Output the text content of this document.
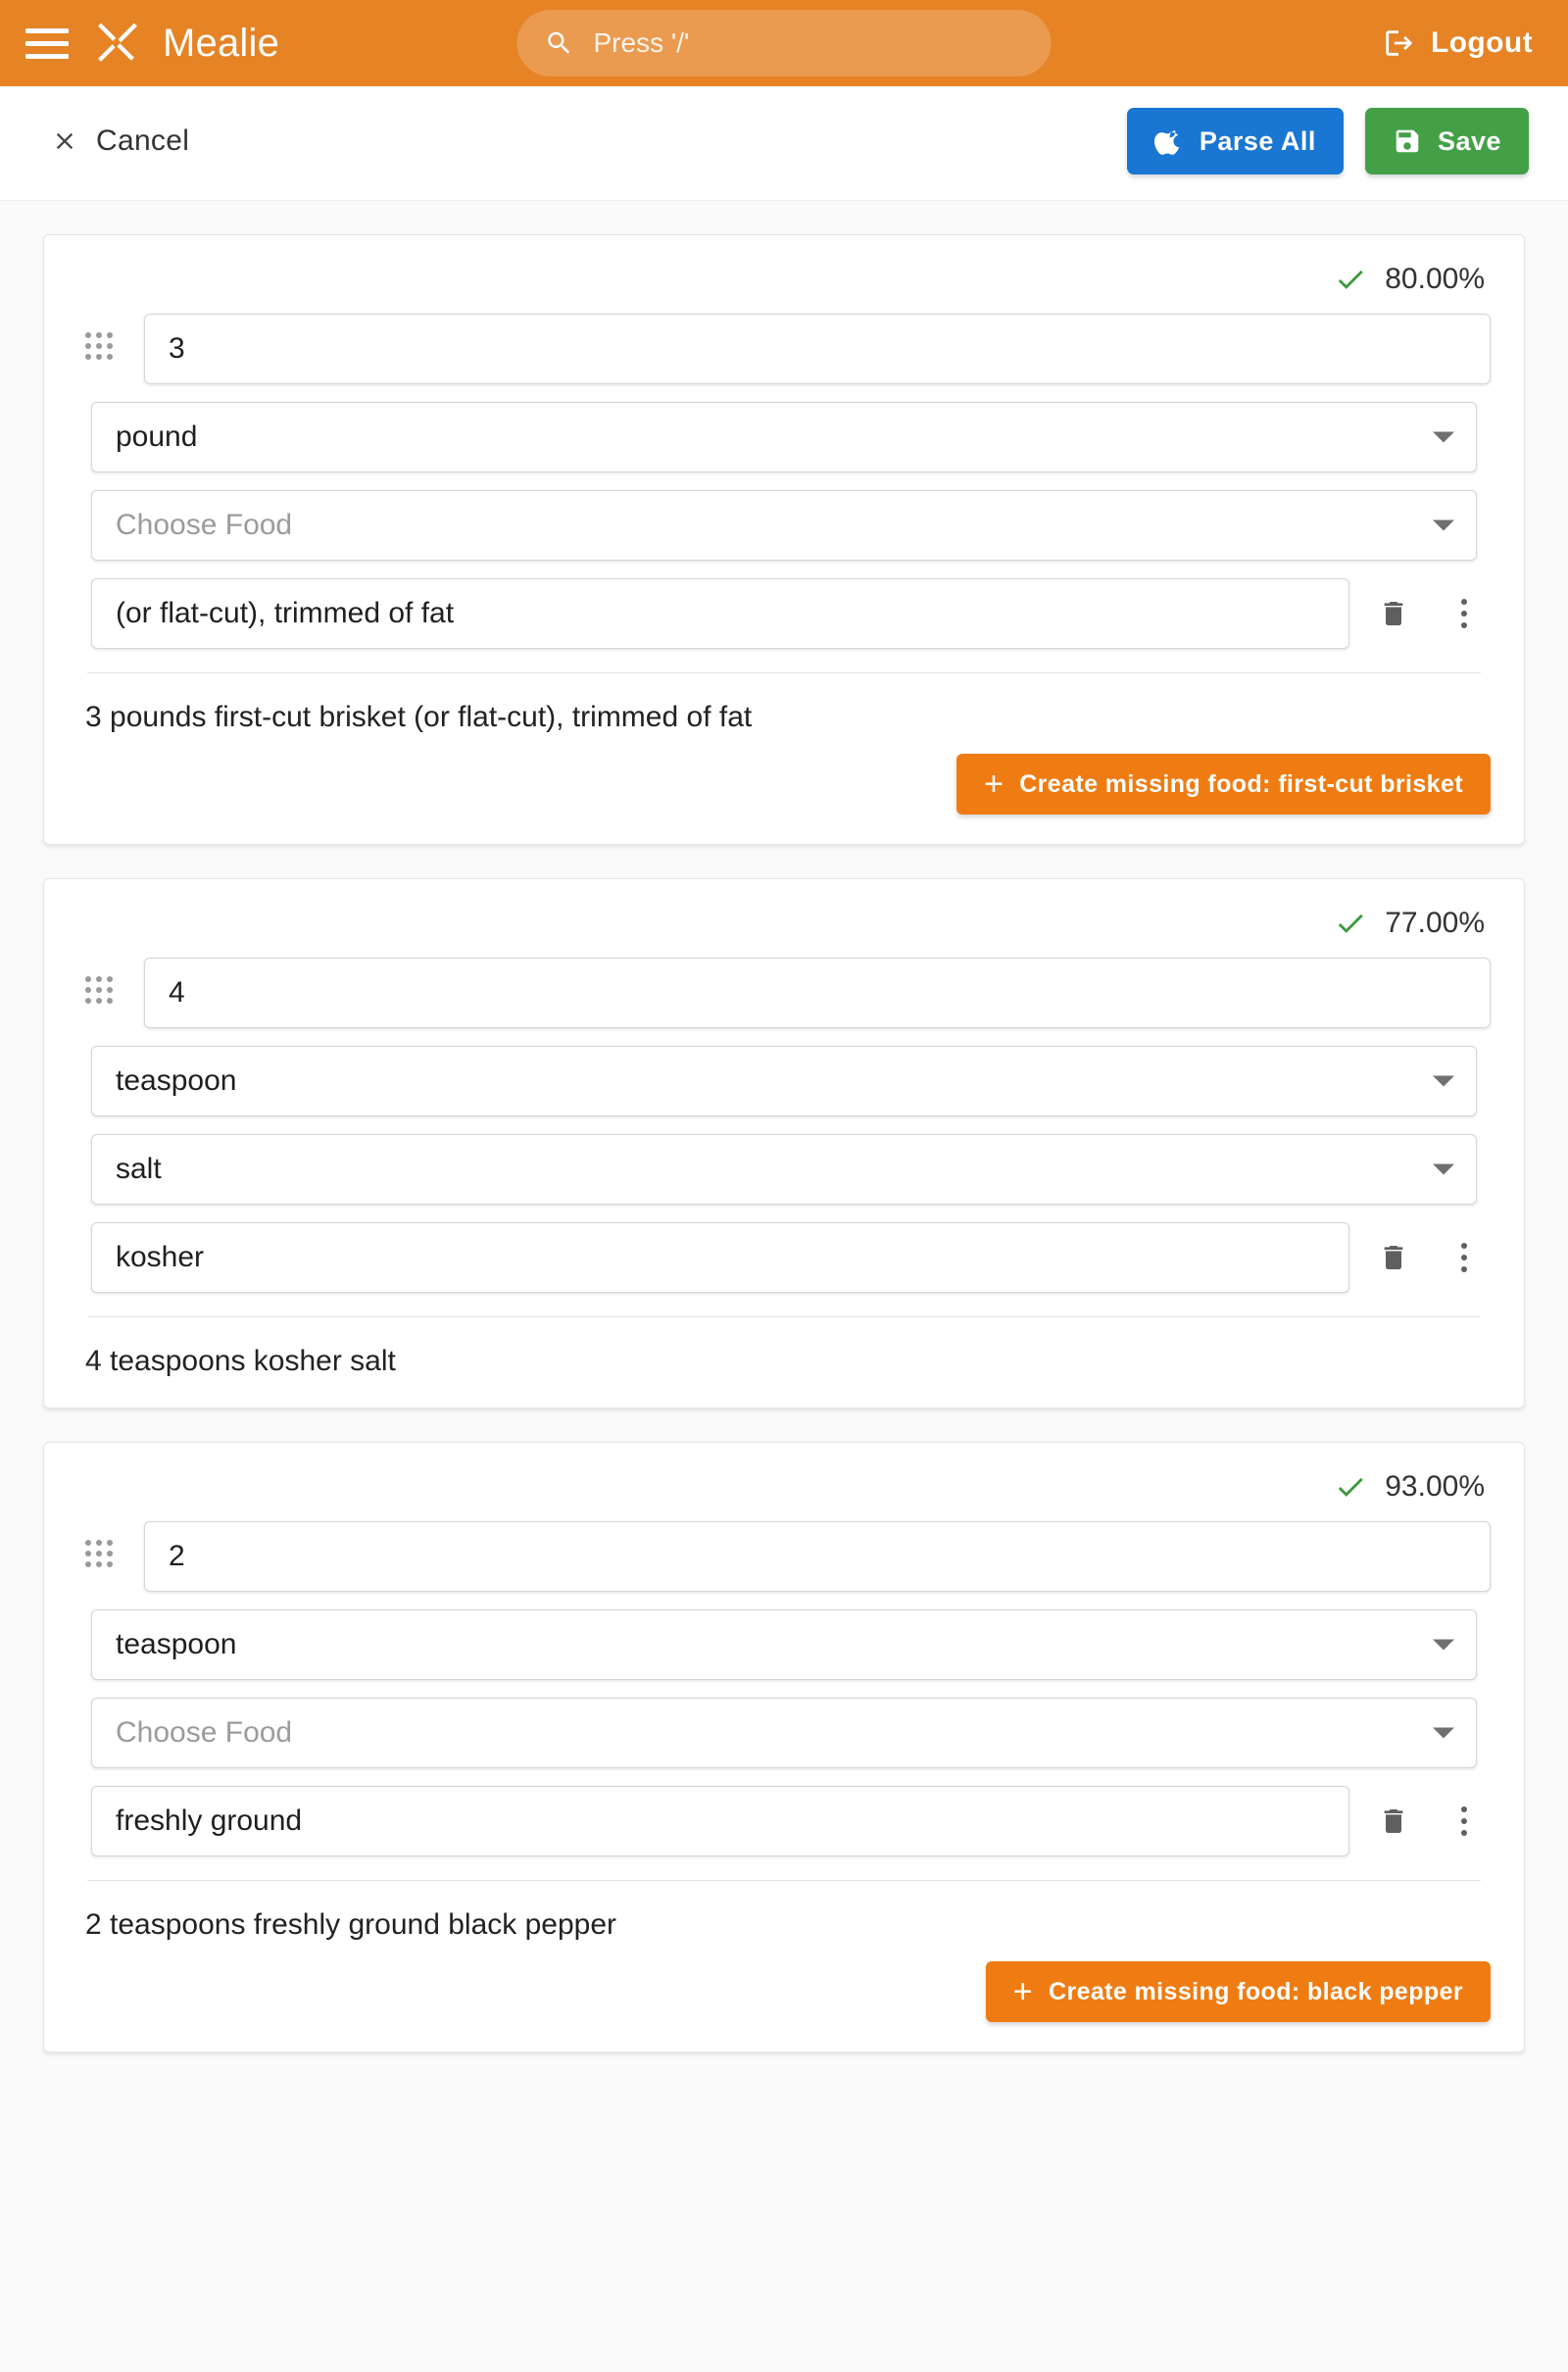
Mealie
Press '/'	Logout
Cancel	Parse All	Save
80.00%
3
pound
Choose Food
(or flat-cut), trimmed of fat
3 pounds first-cut brisket (or flat-cut), trimmed of fat
+ Create missing food: first-cut brisket
77.00%
4
teaspoon
salt
kosher
4 teaspoons kosher salt
93.00%
2
teaspoon
Choose Food
freshly ground
2 teaspoons freshly ground black pepper
+ Create missing food: black pepper
